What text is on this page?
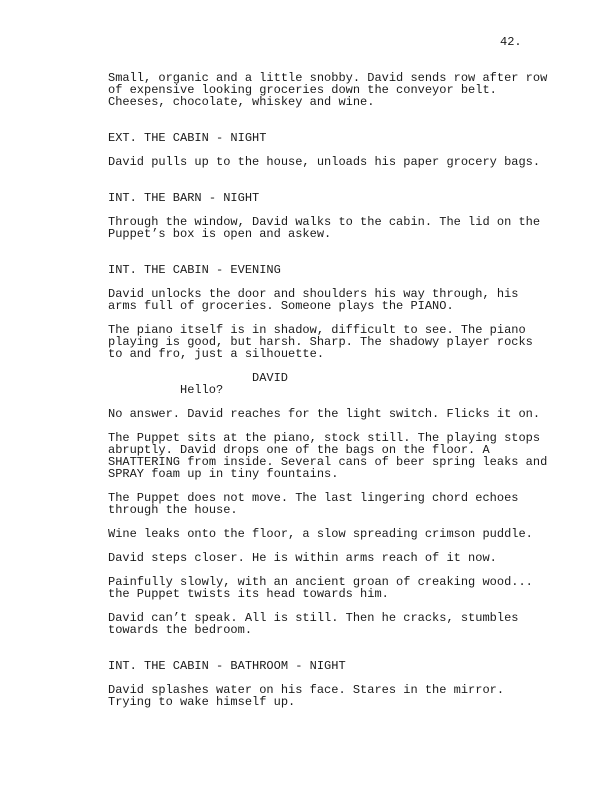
42.
Small, organic and a little snobby. David sends row after row
of expensive looking groceries down the conveyor belt.
Cheeses, chocolate, whiskey and wine.
EXT. THE CABIN - NIGHT
David pulls up to the house, unloads his paper grocery bags.
INT. THE BARN - NIGHT
Through the window, David walks to the cabin. The lid on the
Puppet’s box is open and askew.
INT. THE CABIN - EVENING
David unlocks the door and shoulders his way through, his
arms full of groceries. Someone plays the PIANO.
The piano itself is in shadow, difficult to see. The piano
playing is good, but harsh. Sharp. The shadowy player rocks
to and fro, just a silhouette.
DAVID
Hello?
No answer. David reaches for the light switch. Flicks it on.
The Puppet sits at the piano, stock still. The playing stops
abruptly. David drops one of the bags on the floor. A
SHATTERING from inside. Several cans of beer spring leaks and
SPRAY foam up in tiny fountains.
The Puppet does not move. The last lingering chord echoes
through the house.
Wine leaks onto the floor, a slow spreading crimson puddle.
David steps closer. He is within arms reach of it now.
Painfully slowly, with an ancient groan of creaking wood...
the Puppet twists its head towards him.
David can’t speak. All is still. Then he cracks, stumbles
towards the bedroom.
INT. THE CABIN - BATHROOM - NIGHT
David splashes water on his face. Stares in the mirror.
Trying to wake himself up.
